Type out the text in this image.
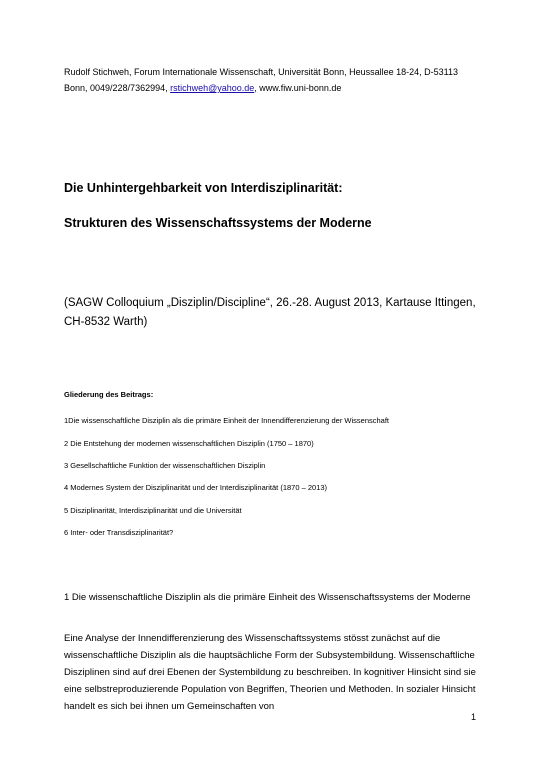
Rudolf Stichweh, Forum Internationale Wissenschaft, Universität Bonn, Heussallee 18-24, D-53113
Bonn, 0049/228/7362994, rstichweh@yahoo.de, www.fiw.uni-bonn.de

Die Unhintergehbarkeit von Interdisziplinarität:

Strukturen des Wissenschaftssystems der Moderne

(SAGW Colloquium „Disziplin/Discipline“, 26.-28. August 2013, Kartause Ittingen, CH-8532 Warth)

Gliederung des Beitrags:

1Die wissenschaftliche Disziplin als die primäre Einheit der Innendifferenzierung der Wissenschaft

2 Die Entstehung der modernen wissenschaftlichen Disziplin (1750 – 1870)

3 Gesellschaftliche Funktion der wissenschaftlichen Disziplin

4 Modernes System der Disziplinarität und der Interdisziplinarität (1870 – 2013)

5 Disziplinarität, Interdisziplinarität und die Universität

6 Inter- oder Transdisziplinarität?

1 Die wissenschaftliche Disziplin als die primäre Einheit des Wissenschaftssystems der Moderne

Eine Analyse der Innendifferenzierung des Wissenschaftssystems stösst zunächst auf die wissenschaftliche Disziplin als die hauptsächliche Form der Subsystembildung. Wissenschaftliche Disziplinen sind auf drei Ebenen der Systembildung zu beschreiben. In kognitiver Hinsicht sind sie eine selbstreproduzierende Population von Begriffen, Theorien und Methoden. In sozialer Hinsicht handelt es sich bei ihnen um Gemeinschaften von

1
